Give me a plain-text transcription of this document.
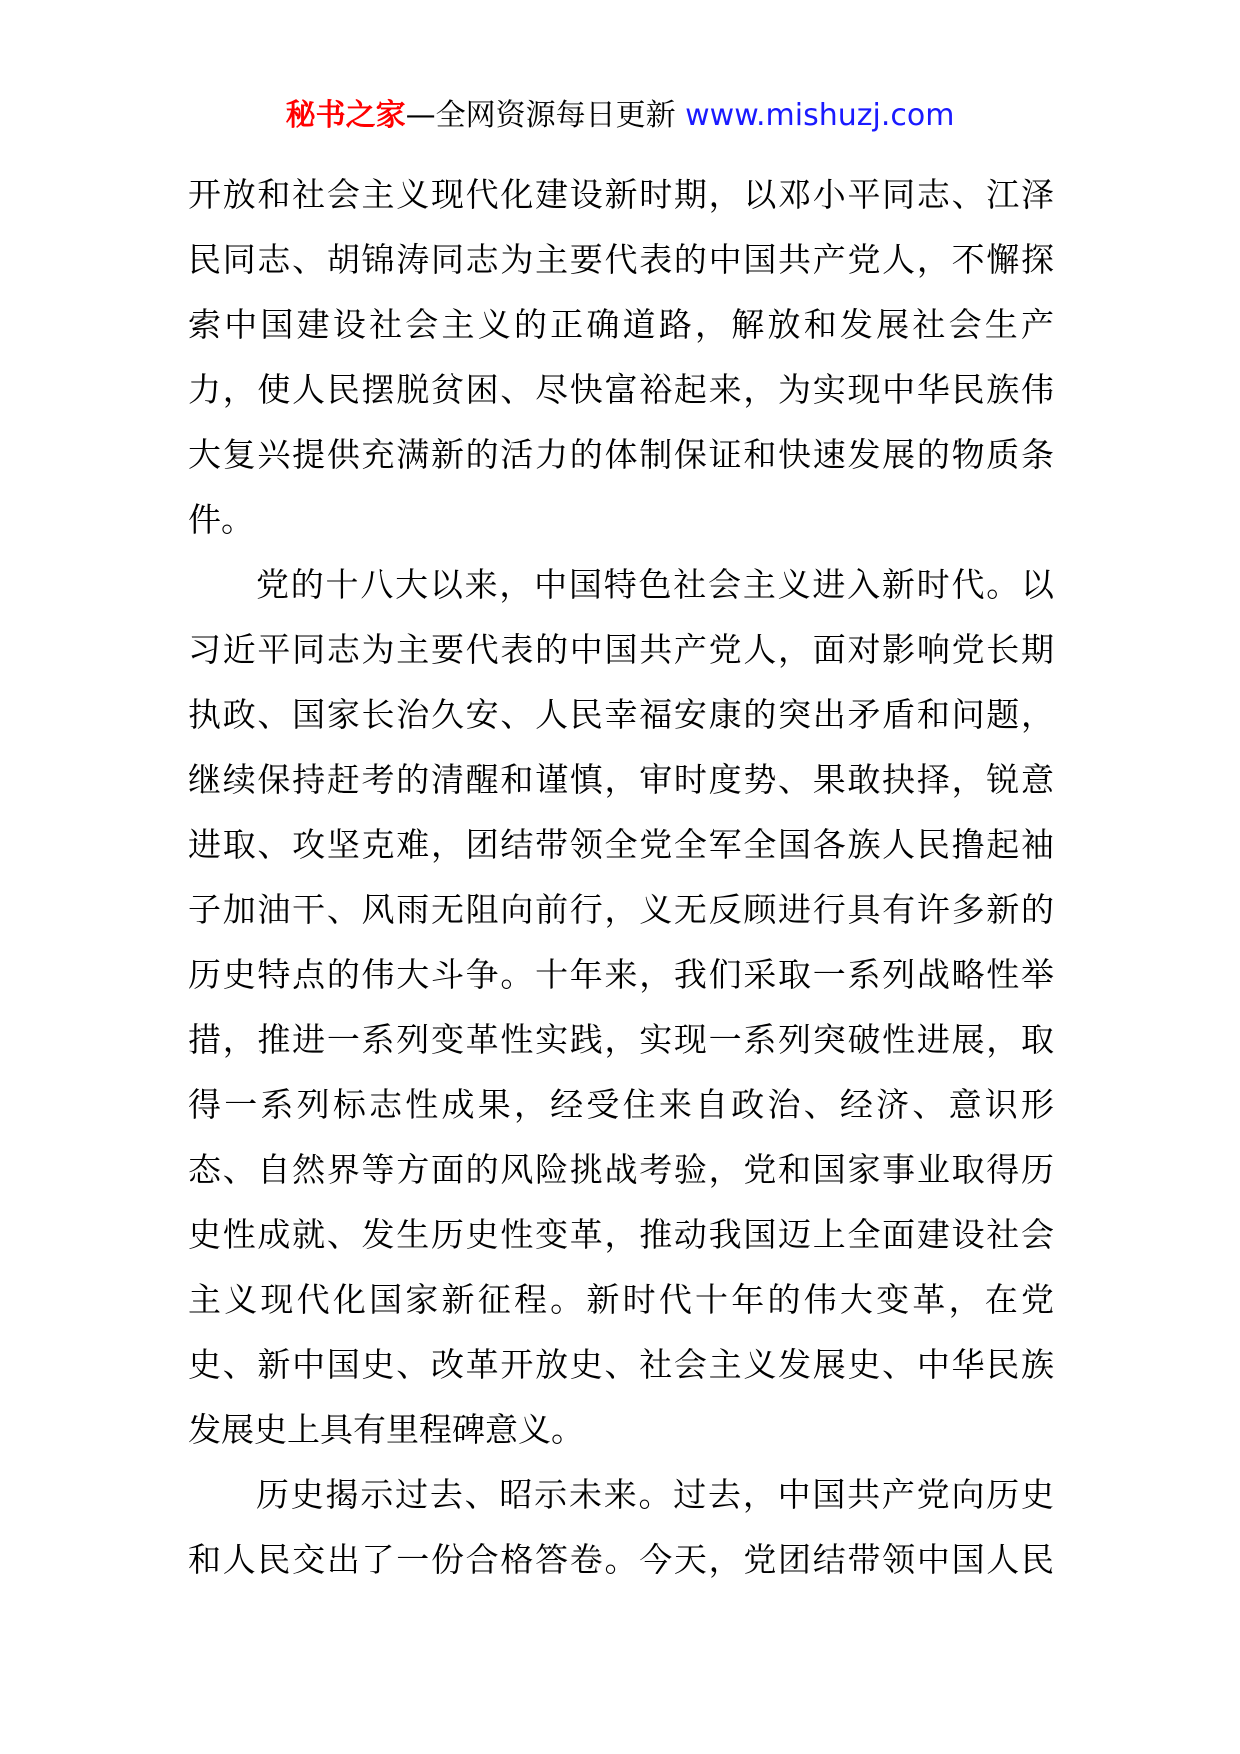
秘书之家—全网资源每日更新 www.mishuzj.com
开放和社会主义现代化建设新时期，以邓小平同志、江泽
民同志、胡锦涛同志为主要代表的中国共产党人，不懈探
索中国建设社会主义的正确道路，解放和发展社会生产
力，使人民摆脱贫困、尽快富裕起来，为实现中华民族伟
大复兴提供充满新的活力的体制保证和快速发展的物质条
件。
党的十八大以来，中国特色社会主义进入新时代。以
习近平同志为主要代表的中国共产党人，面对影响党长期
执政、国家长治久安、人民幸福安康的突出矛盾和问题，
继续保持赶考的清醒和谨慎，审时度势、果敢抉择，锐意
进取、攻坚克难，团结带领全党全军全国各族人民撸起袖
子加油干、风雨无阻向前行，义无反顾进行具有许多新的
历史特点的伟大斗争。十年来，我们采取一系列战略性举
措，推进一系列变革性实践，实现一系列突破性进展，取
得一系列标志性成果，经受住来自政治、经济、意识形
态、自然界等方面的风险挑战考验，党和国家事业取得历
史性成就、发生历史性变革，推动我国迈上全面建设社会
主义现代化国家新征程。新时代十年的伟大变革，在党
史、新中国史、改革开放史、社会主义发展史、中华民族
发展史上具有里程碑意义。
历史揭示过去、昭示未来。过去，中国共产党向历史
和人民交出了一份合格答卷。今天，党团结带领中国人民
